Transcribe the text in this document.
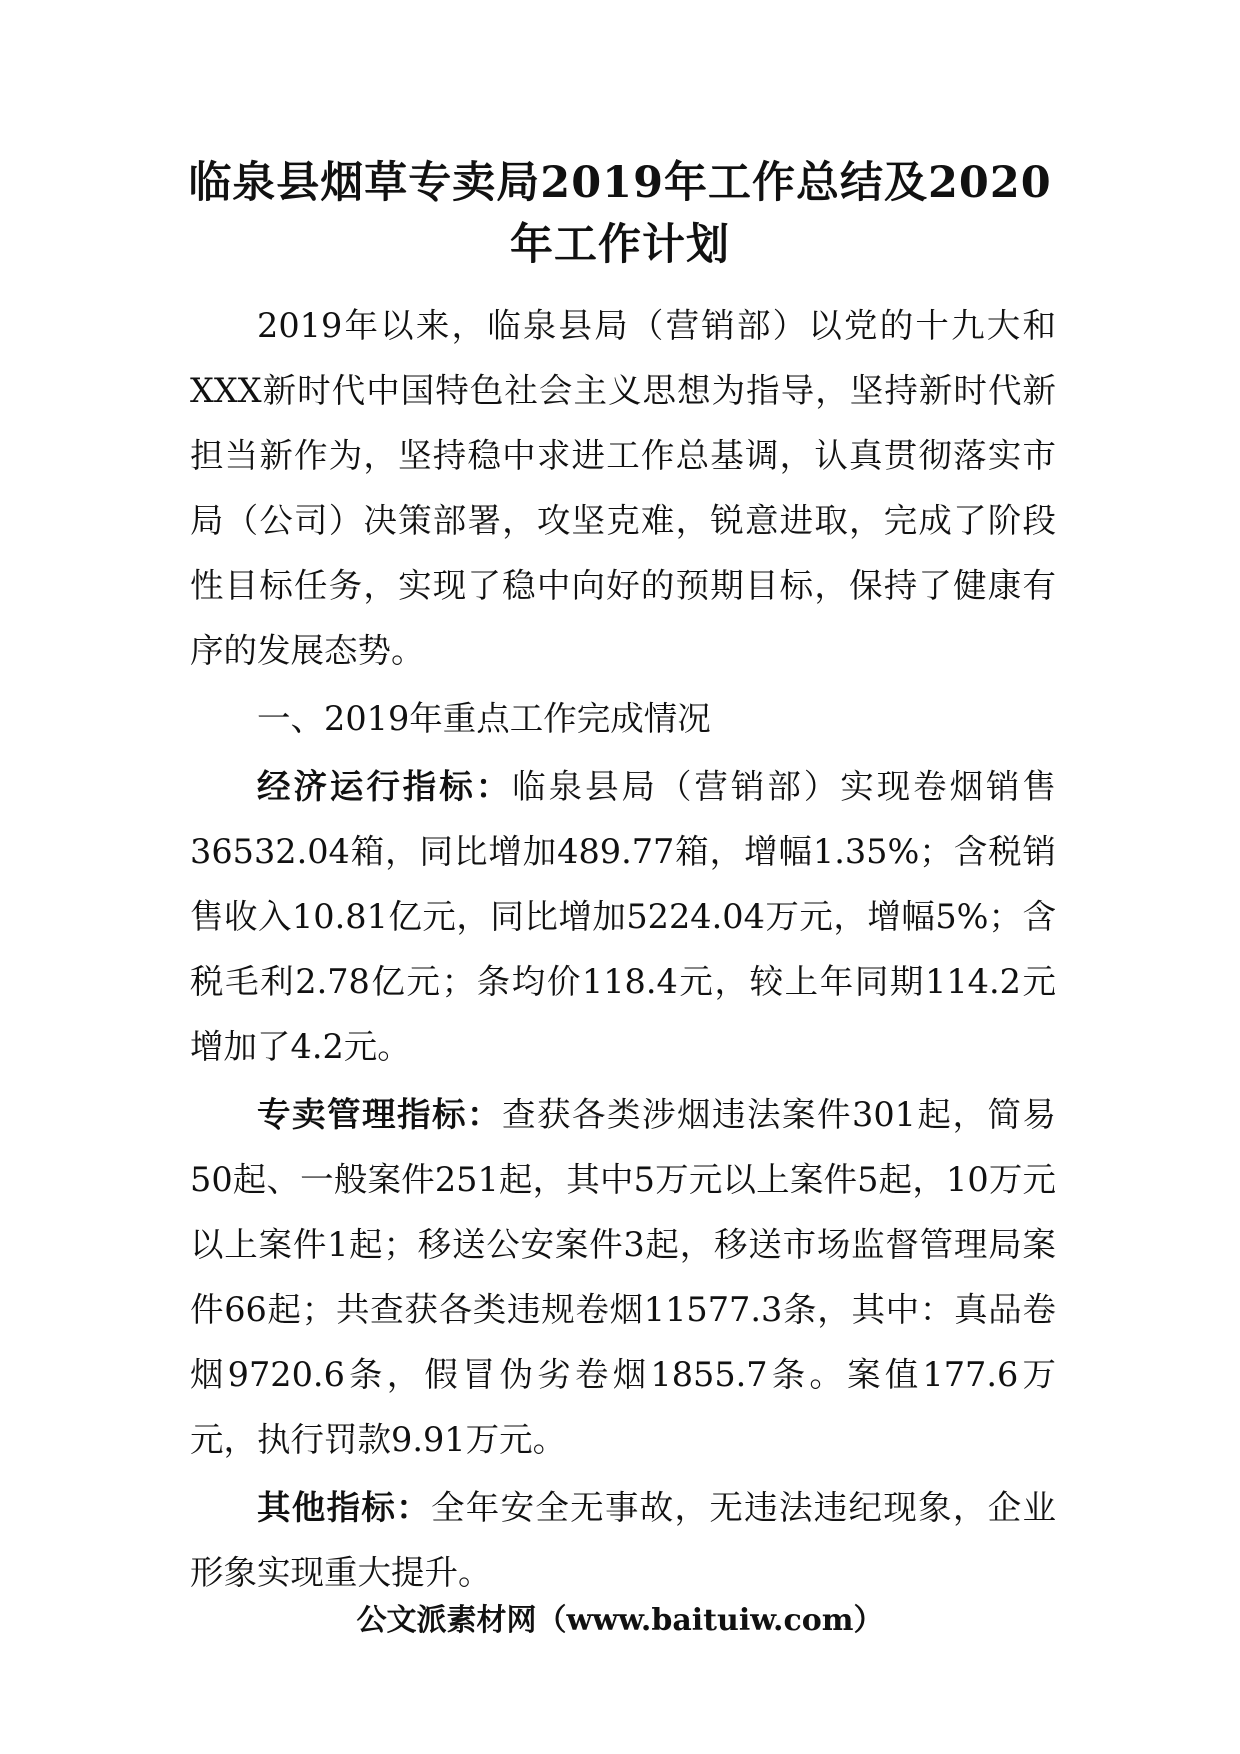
临泉县烟草专卖局2019年工作总结及2020年工作计划

2019年以来，临泉县局（营销部）以党的十九大和XXX新时代中国特色社会主义思想为指导，坚持新时代新担当新作为，坚持稳中求进工作总基调，认真贯彻落实市局（公司）决策部署，攻坚克难，锐意进取，完成了阶段性目标任务，实现了稳中向好的预期目标，保持了健康有序的发展态势。

一、2019年重点工作完成情况

经济运行指标：临泉县局（营销部）实现卷烟销售36532.04箱，同比增加489.77箱，增幅1.35%；含税销售收入10.81亿元，同比增加5224.04万元，增幅5%；含税毛利2.78亿元；条均价118.4元，较上年同期114.2元增加了4.2元。

专卖管理指标：查获各类涉烟违法案件301起，简易50起、一般案件251起，其中5万元以上案件5起，10万元以上案件1起；移送公安案件3起，移送市场监督管理局案件66起；共查获各类违规卷烟11577.3条，其中：真品卷烟9720.6条，假冒伪劣卷烟1855.7条。案值177.6万元，执行罚款9.91万元。

其他指标：全年安全无事故，无违法违纪现象，企业形象实现重大提升。

公文派素材网（www.baituiw.com）
